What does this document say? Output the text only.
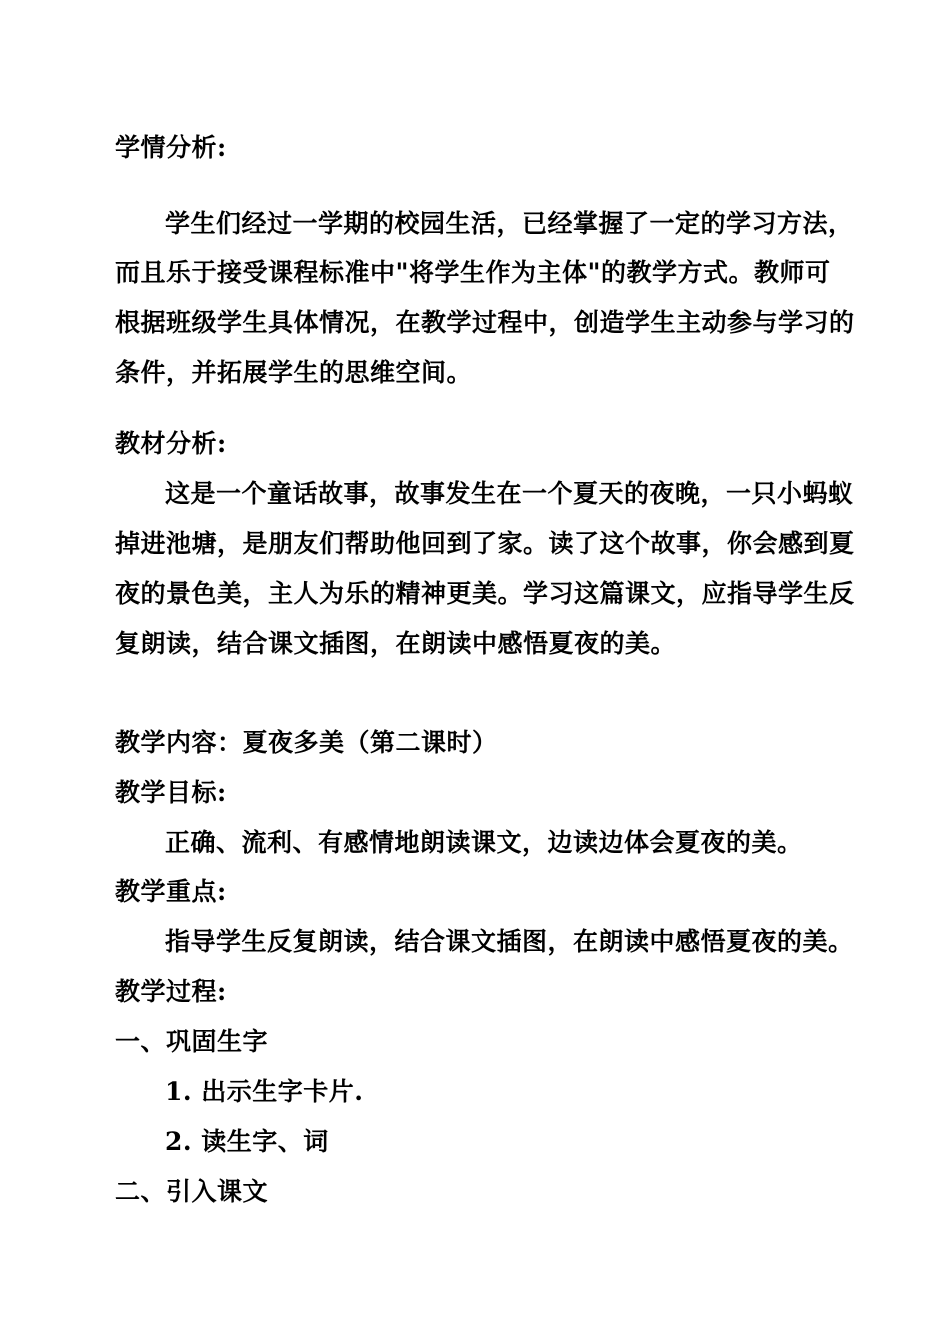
学情分析:
学生们经过一学期的校园生活，已经掌握了一定的学习方法，
而且乐于接受课程标准中"将学生作为主体"的教学方式。教师可
根据班级学生具体情况，在教学过程中，创造学生主动参与学习的
条件，并拓展学生的思维空间。
教材分析:
这是一个童话故事，故事发生在一个夏天的夜晚，一只小蚂蚁
掉进池塘，是朋友们帮助他回到了家。读了这个故事，你会感到夏
夜的景色美，主人为乐的精神更美。学习这篇课文，应指导学生反
复朗读，结合课文插图，在朗读中感悟夏夜的美。
教学内容：夏夜多美（第二课时）
教学目标:
正确、流利、有感情地朗读课文，边读边体会夏夜的美。
教学重点:
指导学生反复朗读，结合课文插图，在朗读中感悟夏夜的美。
教学过程:
一、巩固生字
1. 出示生字卡片.
2. 读生字、词
二、引入课文
